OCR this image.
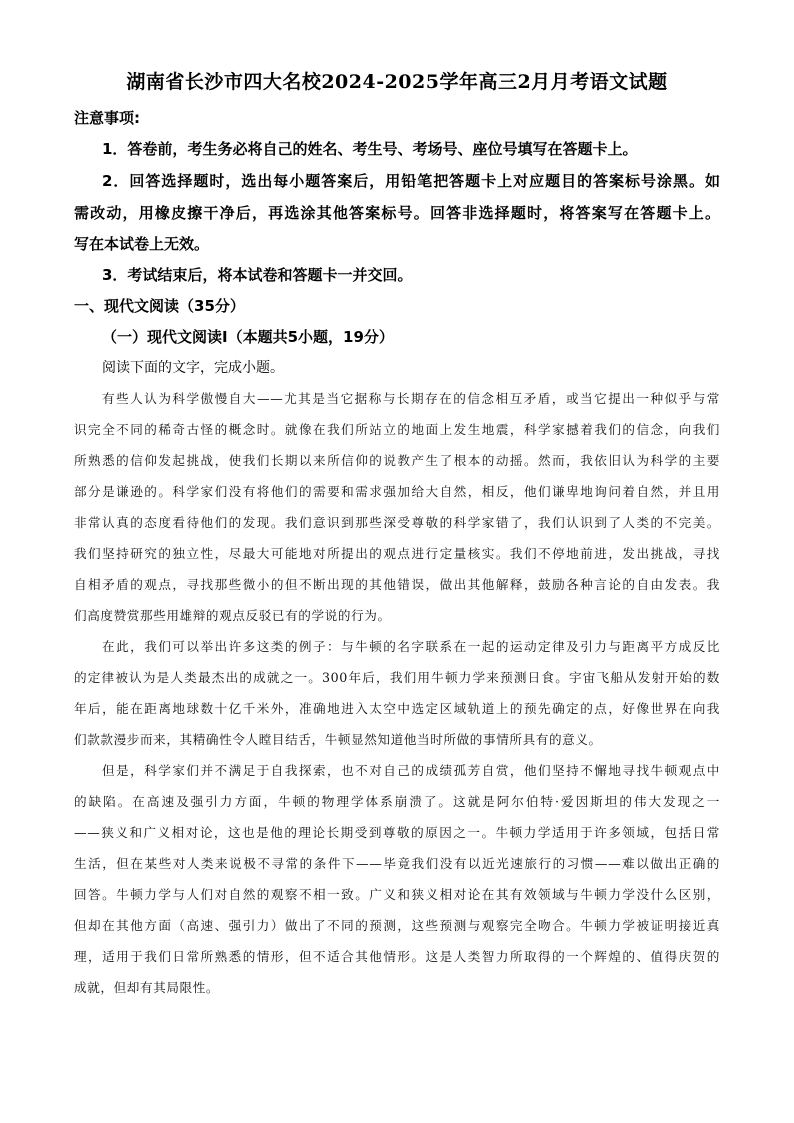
湖南省长沙市四大名校2024-2025学年高三2月月考语文试题
注意事项:
1．答卷前，考生务必将自己的姓名、考生号、考场号、座位号填写在答题卡上。
2．回答选择题时，选出每小题答案后，用铅笔把答题卡上对应题目的答案标号涂黑。如
需改动，用橡皮擦干净后，再选涂其他答案标号。回答非选择题时，将答案写在答题卡上。
写在本试卷上无效。
3．考试结束后，将本试卷和答题卡一并交回。
一、现代文阅读（35分）
（一）现代文阅读Ⅰ（本题共5小题，19分）
阅读下面的文字，完成小题。
有些人认为科学傲慢自大——尤其是当它据称与长期存在的信念相互矛盾，或当它提出一种似乎与常
识完全不同的稀奇古怪的概念时。就像在我们所站立的地面上发生地震，科学家撼着我们的信念，向我们
所熟悉的信仰发起挑战，使我们长期以来所信仰的说教产生了根本的动摇。然而，我依旧认为科学的主要
部分是谦逊的。科学家们没有将他们的需要和需求强加给大自然，相反，他们谦卑地询问着自然，并且用
非常认真的态度看待他们的发现。我们意识到那些深受尊敬的科学家错了，我们认识到了人类的不完美。
我们坚持研究的独立性，尽最大可能地对所提出的观点进行定量核实。我们不停地前进，发出挑战，寻找
自相矛盾的观点，寻找那些微小的但不断出现的其他错误，做出其他解释，鼓励各种言论的自由发表。我
们高度赞赏那些用雄辩的观点反驳已有的学说的行为。
在此，我们可以举出许多这类的例子：与牛顿的名字联系在一起的运动定律及引力与距离平方成反比
的定律被认为是人类最杰出的成就之一。300年后，我们用牛顿力学来预测日食。宇宙飞船从发射开始的数
年后，能在距离地球数十亿千米外，准确地进入太空中选定区域轨道上的预先确定的点，好像世界在向我
们款款漫步而来，其精确性令人瞠目结舌，牛顿显然知道他当时所做的事情所具有的意义。
但是，科学家们并不满足于自我探索，也不对自己的成绩孤芳自赏，他们坚持不懈地寻找牛顿观点中
的缺陷。在高速及强引力方面，牛顿的物理学体系崩溃了。这就是阿尔伯特·爱因斯坦的伟大发现之一
——狭义和广义相对论，这也是他的理论长期受到尊敬的原因之一。牛顿力学适用于许多领域，包括日常
生活，但在某些对人类来说极不寻常的条件下——毕竟我们没有以近光速旅行的习惯——难以做出正确的
回答。牛顿力学与人们对自然的观察不相一致。广义和狭义相对论在其有效领域与牛顿力学没什么区别，
但却在其他方面（高速、强引力）做出了不同的预测，这些预测与观察完全吻合。牛顿力学被证明接近真
理，适用于我们日常所熟悉的情形，但不适合其他情形。这是人类智力所取得的一个辉煌的、值得庆贺的
成就，但却有其局限性。
